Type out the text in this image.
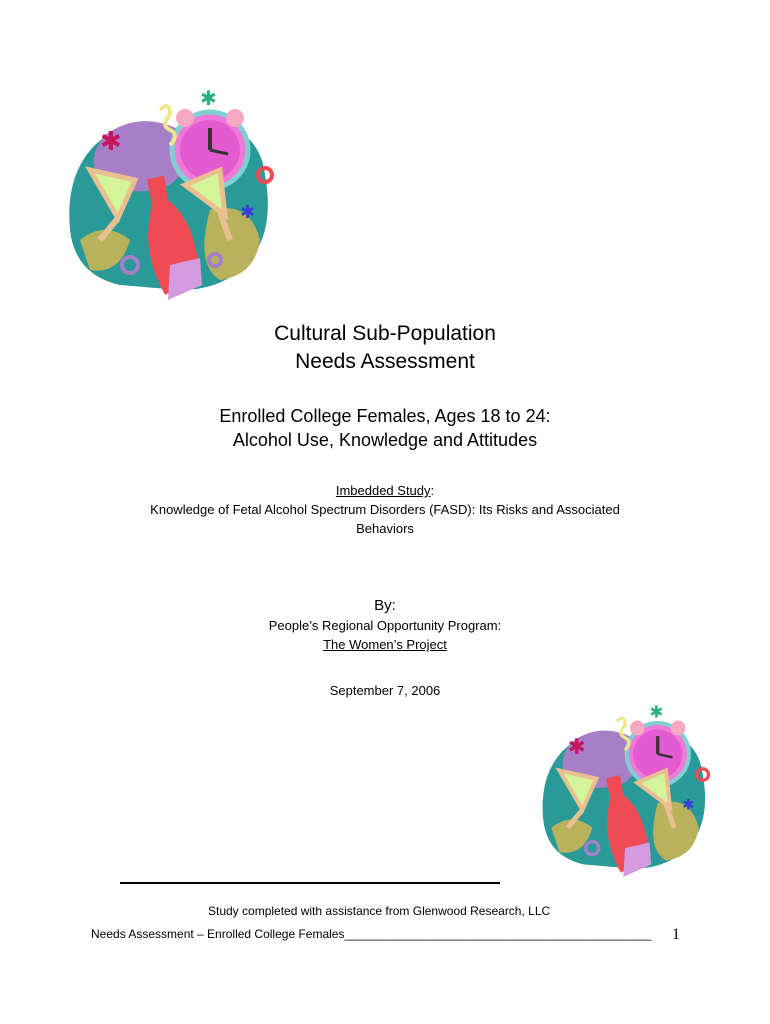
✱
✱
✱
Cultural Sub-Population
Needs Assessment
Enrolled College Females, Ages 18 to 24:
Alcohol Use, Knowledge and Attitudes
Imbedded Study:
Knowledge of Fetal Alcohol Spectrum Disorders (FASD): Its Risks and Associated
Behaviors
By:
People’s Regional Opportunity Program:
The Women’s Project
September 7, 2006
✱
✱
✱
Study completed with assistance from Glenwood Research, LLC
Needs Assessment – Enrolled College Females______________________________________________ 1
